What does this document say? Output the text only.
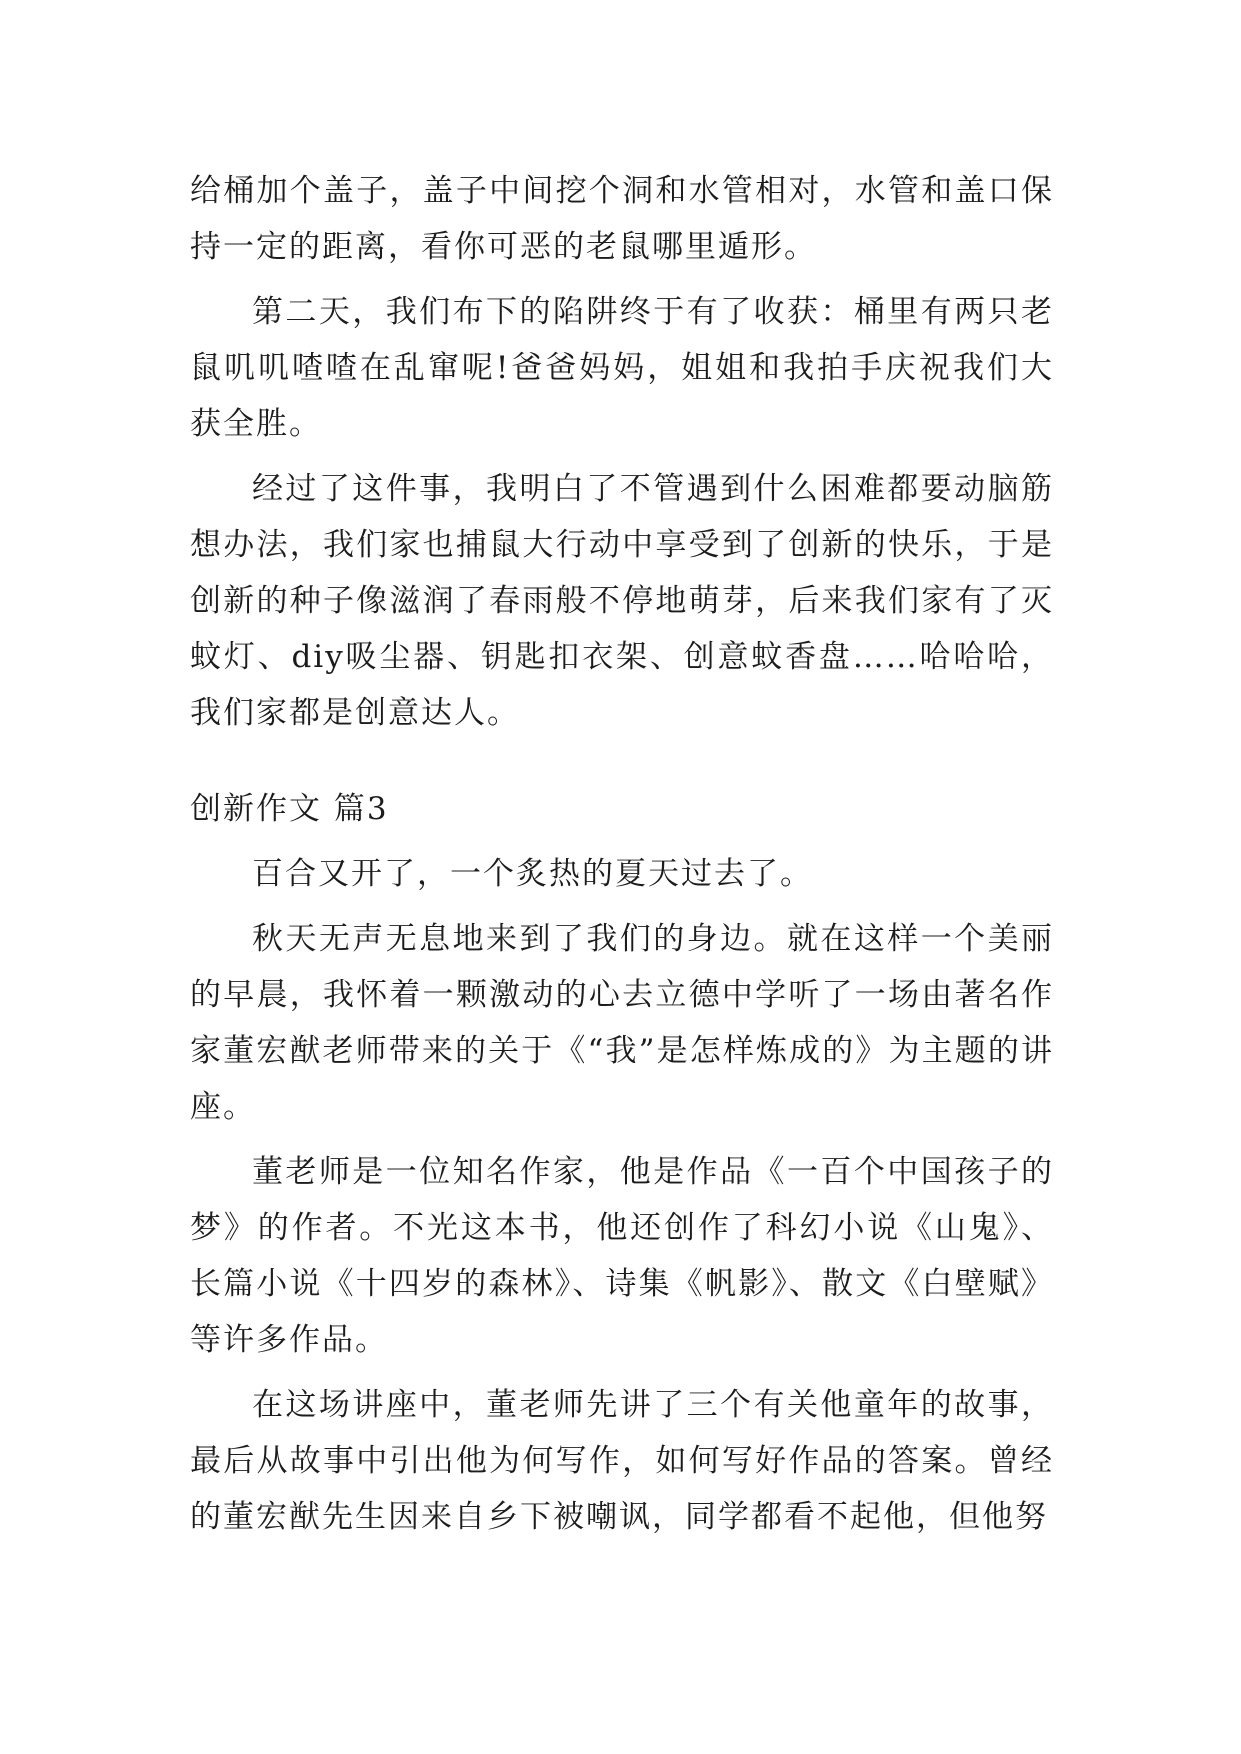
给桶加个盖子，盖子中间挖个洞和水管相对，水管和盖口保持一定的距离，看你可恶的老鼠哪里遁形。

第二天，我们布下的陷阱终于有了收获：桶里有两只老鼠叽叽喳喳在乱窜呢!爸爸妈妈，姐姐和我拍手庆祝我们大获全胜。

经过了这件事，我明白了不管遇到什么困难都要动脑筋想办法，我们家也捕鼠大行动中享受到了创新的快乐，于是创新的种子像滋润了春雨般不停地萌芽，后来我们家有了灭蚊灯、diy吸尘器、钥匙扣衣架、创意蚊香盘……哈哈哈，我们家都是创意达人。

创新作文 篇3

百合又开了，一个炙热的夏天过去了。

秋天无声无息地来到了我们的身边。就在这样一个美丽的早晨，我怀着一颗激动的心去立德中学听了一场由著名作家董宏猷老师带来的关于《“我”是怎样炼成的》为主题的讲座。

董老师是一位知名作家，他是作品《一百个中国孩子的梦》的作者。不光这本书，他还创作了科幻小说《山鬼》、长篇小说《十四岁的森林》、诗集《帆影》、散文《白壁赋》等许多作品。

在这场讲座中，董老师先讲了三个有关他童年的故事，最后从故事中引出他为何写作，如何写好作品的答案。曾经的董宏猷先生因来自乡下被嘲讽，同学都看不起他，但他努
